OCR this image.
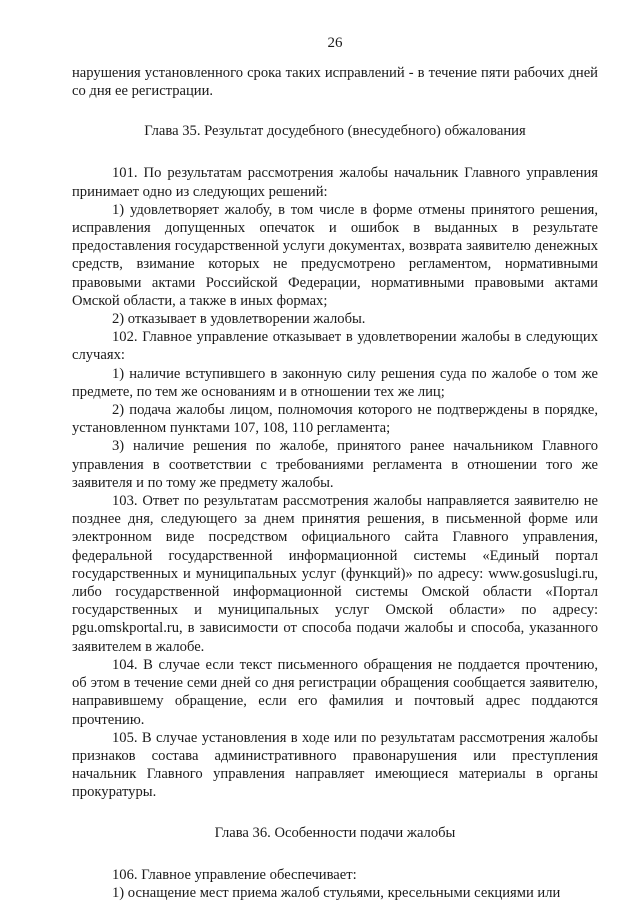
26

нарушения установленного срока таких исправлений - в течение пяти рабочих дней со дня ее регистрации.

Глава 35. Результат досудебного (внесудебного) обжалования

101. По результатам рассмотрения жалобы начальник Главного управления принимает одно из следующих решений:

1) удовлетворяет жалобу, в том числе в форме отмены принятого решения, исправления допущенных опечаток и ошибок в выданных в результате предоставления государственной услуги документах, возврата заявителю денежных средств, взимание которых не предусмотрено регламентом, нормативными правовыми актами Российской Федерации, нормативными правовыми актами Омской области, а также в иных формах;

2) отказывает в удовлетворении жалобы.

102. Главное управление отказывает в удовлетворении жалобы в следующих случаях:

1) наличие вступившего в законную силу решения суда по жалобе о том же предмете, по тем же основаниям и в отношении тех же лиц;

2) подача жалобы лицом, полномочия которого не подтверждены в порядке, установленном пунктами 107, 108, 110 регламента;

3) наличие решения по жалобе, принятого ранее начальником Главного управления в соответствии с требованиями регламента в отношении того же заявителя и по тому же предмету жалобы.

103. Ответ по результатам рассмотрения жалобы направляется заявителю не позднее дня, следующего за днем принятия решения, в письменной форме или электронном виде посредством официального сайта Главного управления, федеральной государственной информационной системы «Единый портал государственных и муниципальных услуг (функций)» по адресу: www.gosuslugi.ru, либо государственной информационной системы Омской области «Портал государственных и муниципальных услуг Омской области» по адресу: pgu.omskportal.ru, в зависимости от способа подачи жалобы и способа, указанного заявителем в жалобе.

104. В случае если текст письменного обращения не поддается прочтению, об этом в течение семи дней со дня регистрации обращения сообщается заявителю, направившему обращение, если его фамилия и почтовый адрес поддаются прочтению.

105. В случае установления в ходе или по результатам рассмотрения жалобы признаков состава административного правонарушения или преступления начальник Главного управления направляет имеющиеся материалы в органы прокуратуры.

Глава 36. Особенности подачи жалобы

106. Главное управление обеспечивает:

1) оснащение мест приема жалоб стульями, кресельными секциями или
